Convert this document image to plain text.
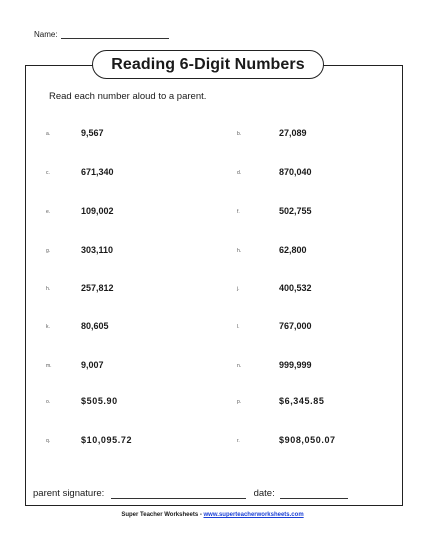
Name:
Reading 6-Digit Numbers
Read each number aloud to a parent.
a.	9,567	b.	27,089
c.	671,340	d.	870,040
e.	109,002	f.	502,755
g.	303,110	h.	62,800
h.	257,812	j.	400,532
k.	80,605	l.	767,000
m.	9,007	n.	999,999
o.	$505.90	p.	$6,345.85
q.	$10,095.72	r.	$908,050.07
parent signature:	date:
Super Teacher Worksheets - www.superteacherworksheets.com
